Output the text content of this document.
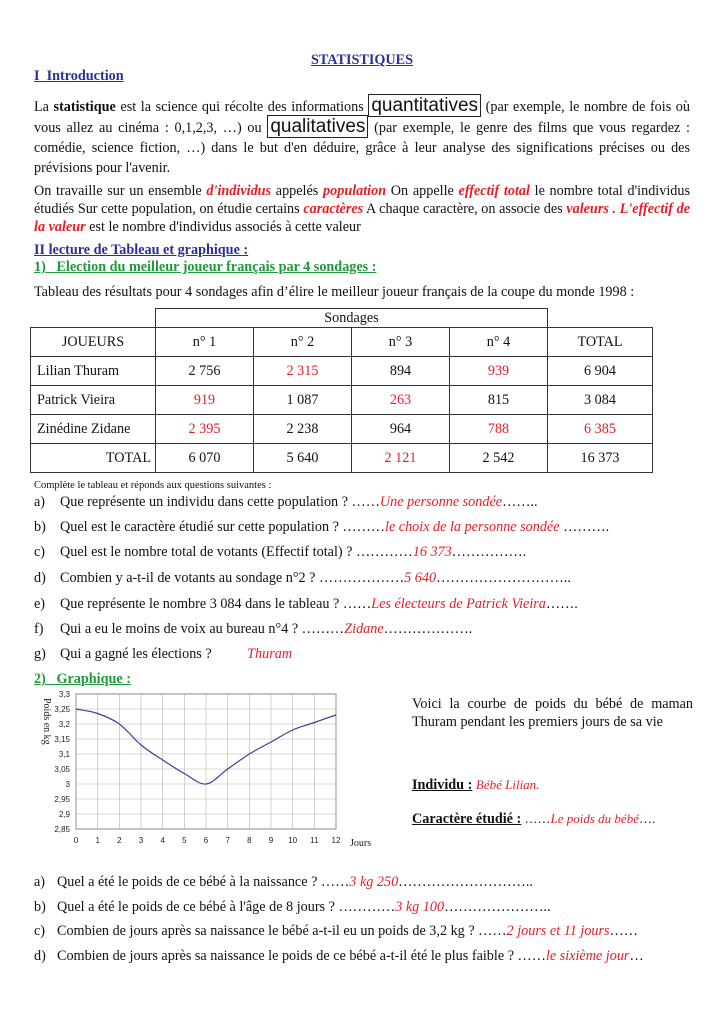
STATISTIQUES
I  Introduction
La statistique est la science qui récolte des informations quantitatives (par exemple, le nombre de fois où vous allez au cinéma : 0,1,2,3, …) ou qualitatives (par exemple, le genre des films que vous regardez : comédie, science fiction, …) dans le but d'en déduire, grâce à leur analyse des significations précises ou des prévisions pour l'avenir.
On travaille sur un ensemble d'individus appelés population On appelle effectif total le nombre total d'individus étudiés Sur cette population, on étudie certains caractères A chaque caractère, on associe des valeurs . L'effectif de la valeur est le nombre d'individus associés à cette valeur
II lecture de Tableau et graphique :
1)   Election du meilleur joueur français par 4 sondages :
Tableau des résultats pour 4 sondages afin d’élire le meilleur joueur français de la coupe du monde 1998 :
	Sondages				
JOUEURS	n° 1	n° 2	n° 3	n° 4	TOTAL
Lilian Thuram	2 756	2 315	894	939	6 904
Patrick Vieira	919	1 087	263	815	3 084
Zinédine Zidane	2 395	2 238	964	788	6 385
TOTAL	6 070	5 640	2 121	2 542	16 373
Complète le tableau et réponds aux questions suivantes :
a) Que représente un individu dans cette population ? ……Une personne sondée……..
b) Quel est le caractère étudié sur cette population ? ………le choix de la personne sondée ……….
c) Quel est le nombre total de votants (Effectif total) ? …………16 373…………….
d) Combien y a-t-il de votants au sondage n°2 ? ………………5 640………………………..
e) Que représente le nombre 3 084 dans le tableau ? ……Les électeurs de Patrick Vieira…….
f) Qui a eu le moins de voix au bureau n°4 ? ………Zidane……………….
g) Qui a gagné les élections ?          Thuram
2)   Graphique :
Poids en kg
2,85
2,9
2,95
3
3,05
3,1
3,15
3,2
3,25
3,3
0 1 2 3 4 5 6 7 8 9 10 11 12 Jours
Voici la courbe de poids du bébé de maman Thuram pendant les premiers jours de sa vie
Individu : Bébé Lilian.
Caractère étudié : ……Le poids du bébé….
a) Quel a été le poids de ce bébé à la naissance ? ……3 kg 250………………………..
b) Quel a été le poids de ce bébé à l'âge de 8 jours ? …………3 kg 100…………………..
c) Combien de jours après sa naissance le bébé a-t-il eu un poids de 3,2 kg ? ……2 jours et 11 jours……
d) Combien de jours après sa naissance le poids de ce bébé a-t-il été le plus faible ? ……le sixième jour…
